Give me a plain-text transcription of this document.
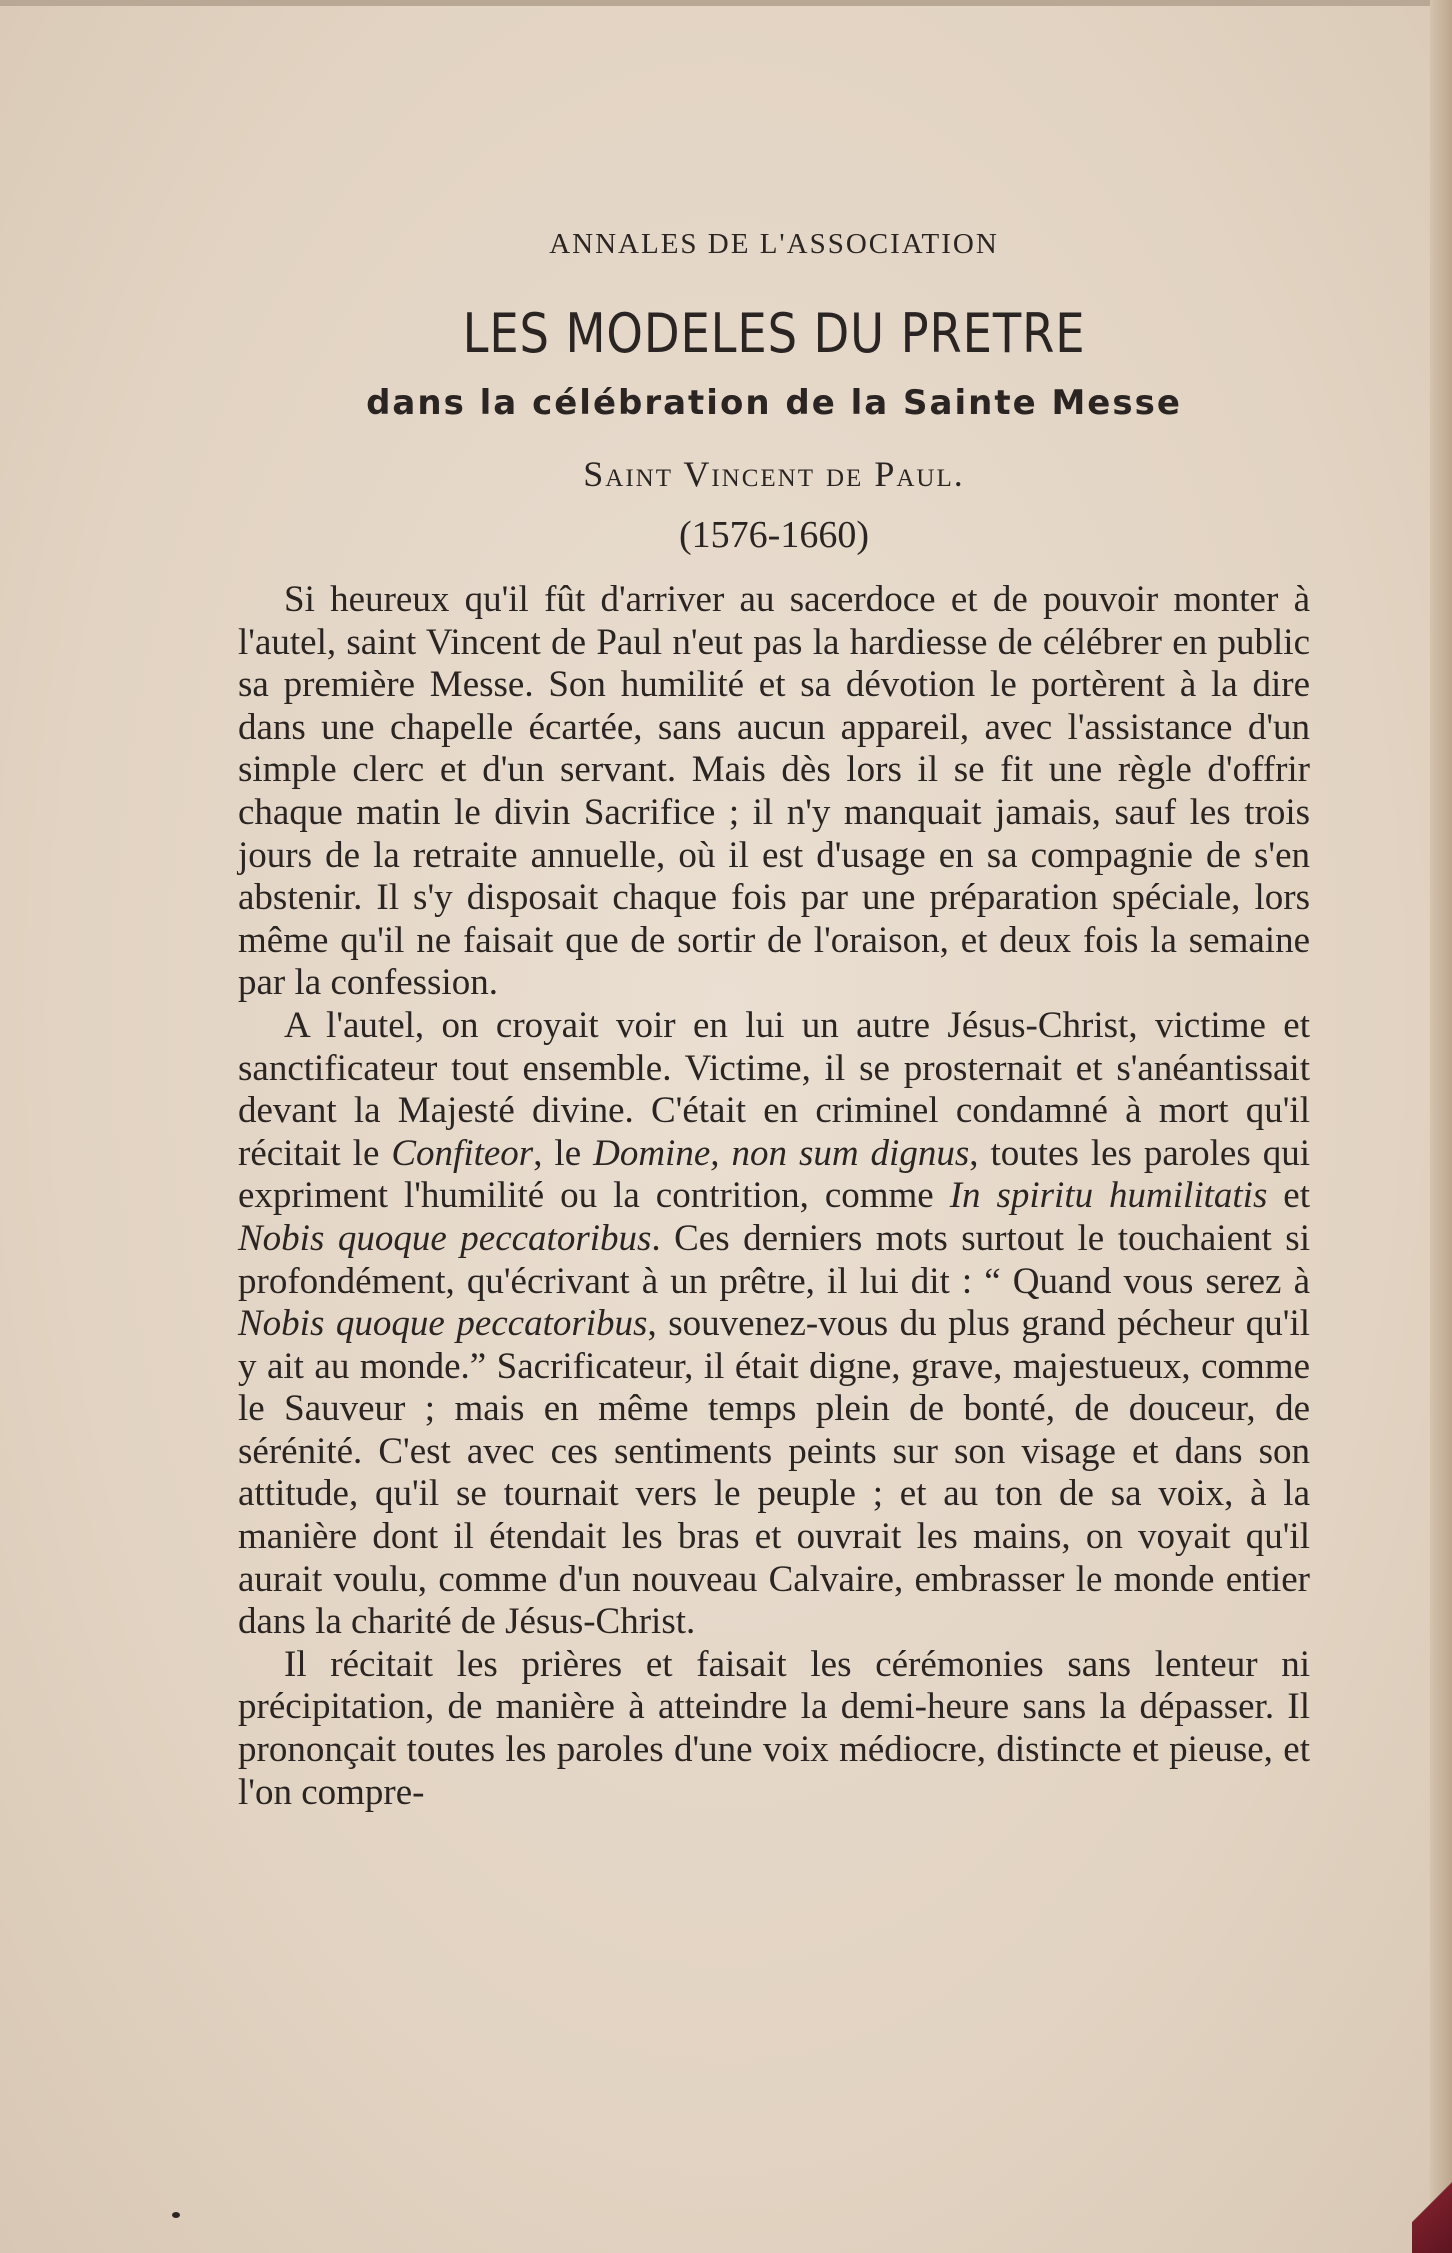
ANNALES DE L'ASSOCIATION
LES MODELES DU PRETRE
dans la célébration de la Sainte Messe
Saint Vincent de Paul.
(1576-1660)

Si heureux qu'il fût d'arriver au sacerdoce et de pouvoir monter à l'autel, saint Vincent de Paul n'eut pas la hardiesse de célébrer en public sa première Messe. Son humilité et sa dévotion le portèrent à la dire dans une chapelle écartée, sans aucun appareil, avec l'assistance d'un simple clerc et d'un servant. Mais dès lors il se fit une règle d'offrir chaque matin le divin Sacrifice ; il n'y manquait jamais, sauf les trois jours de la retraite annuelle, où il est d'usage en sa compagnie de s'en abstenir. Il s'y disposait chaque fois par une préparation spéciale, lors même qu'il ne faisait que de sortir de l'oraison, et deux fois la semaine par la confession.

A l'autel, on croyait voir en lui un autre Jésus-Christ, victime et sanctificateur tout ensemble. Victime, il se prosternait et s'anéantissait devant la Majesté divine. C'était en criminel condamné à mort qu'il récitait le Confiteor, le Domine, non sum dignus, toutes les paroles qui expriment l'humilité ou la contrition, comme In spiritu humilitatis et Nobis quoque peccatoribus. Ces derniers mots surtout le touchaient si profondément, qu'écrivant à un prêtre, il lui dit : “ Quand vous serez à Nobis quoque peccatoribus, souvenez-vous du plus grand pécheur qu'il y ait au monde.” Sacrificateur, il était digne, grave, majestueux, comme le Sauveur ; mais en même temps plein de bonté, de douceur, de sérénité. C'est avec ces sentiments peints sur son visage et dans son attitude, qu'il se tournait vers le peuple ; et au ton de sa voix, à la manière dont il étendait les bras et ouvrait les mains, on voyait qu'il aurait voulu, comme d'un nouveau Calvaire, embrasser le monde entier dans la charité de Jésus-Christ.

Il récitait les prières et faisait les cérémonies sans lenteur ni précipitation, de manière à atteindre la demi-heure sans la dépasser. Il prononçait toutes les paroles d'une voix médiocre, distincte et pieuse, et l'on compre-
